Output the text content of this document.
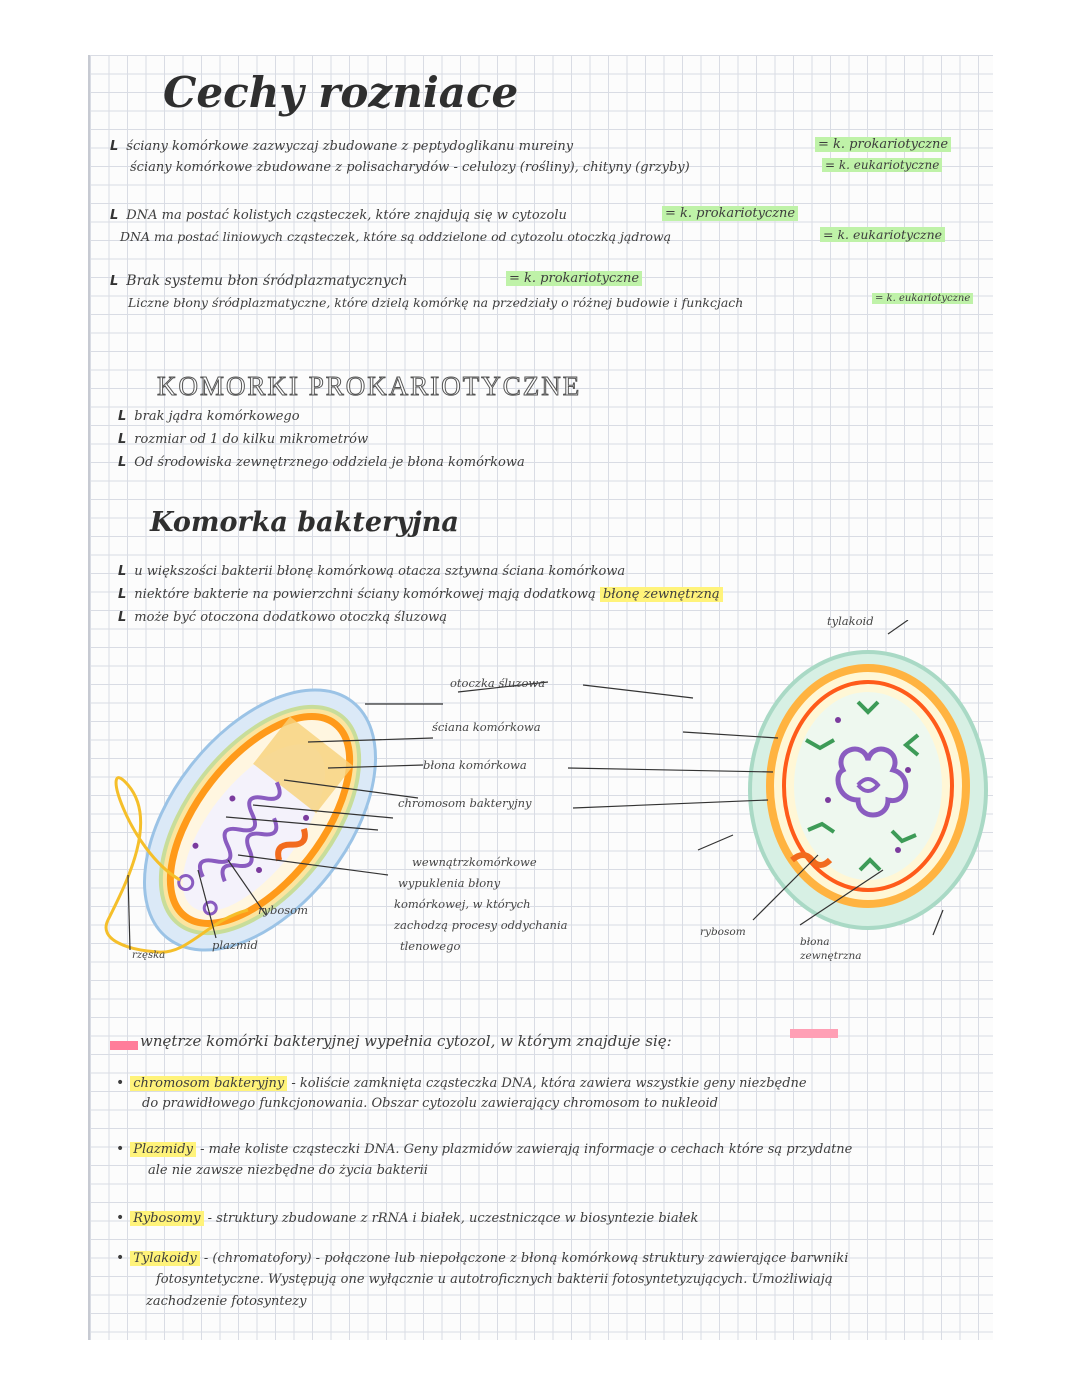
Cechy rozniace
L ściany komórkowe zazwyczaj zbudowane z peptydoglikanu mureiny	= k. prokariotyczne
ściany komórkowe zbudowane z polisacharydów - celulozy (rośliny), chityny (grzyby)	= k. eukariotyczne
L DNA ma postać kolistych cząsteczek, które znajdują się w cytozolu	= k. prokariotyczne
DNA ma postać liniowych cząsteczek, które są oddzielone od cytozolu otoczką jądrową	= k. eukariotyczne
L Brak systemu błon śródplazmatycznych	= k. prokariotyczne
Liczne błony śródplazmatyczne, które dzielą komórkę na przedziały o różnej budowie i funkcjach	= k. eukariotyczne
KOMORKI PROKARIOTYCZNE
L brak jądra komórkowego
L rozmiar od 1 do kilku mikrometrów
L Od środowiska zewnętrznego oddziela je błona komórkowa
Komorka bakteryjna
L u większości bakterii błonę komórkową otacza sztywna ściana komórkowa
L niektóre bakterie na powierzchni ściany komórkowej mają dodatkową błonę zewnętrzną
L może być otoczona dodatkowo otoczką śluzową	tylakoid
otoczka śluzowa
ściana komórkowa
błona komórkowa
chromosom bakteryjny
wewnątrzkomórkowe
wypuklenia błony
komórkowej, w których
zachodzą procesy oddychania
tlenowego
rybosom
plazmid
rzęska
rybosom
błona
zewnętrzna
wnętrze komórki bakteryjnej wypełnia cytozol, w którym znajduje się:
• chromosom bakteryjny - koliście zamknięta cząsteczka DNA, która zawiera wszystkie geny niezbędne
do prawidłowego funkcjonowania. Obszar cytozolu zawierający chromosom to nukleoid
• Plazmidy - małe koliste cząsteczki DNA. Geny plazmidów zawierają informacje o cechach które są przydatne
ale nie zawsze niezbędne do życia bakterii
• Rybosomy - struktury zbudowane z rRNA i białek, uczestniczące w biosyntezie białek
• Tylakoidy - (chromatofory) - połączone lub niepołączone z błoną komórkową struktury zawierające barwniki
fotosyntetyczne. Występują one wyłącznie u autotroficznych bakterii fotosyntetyzujących. Umożliwiają
zachodzenie fotosyntezy
